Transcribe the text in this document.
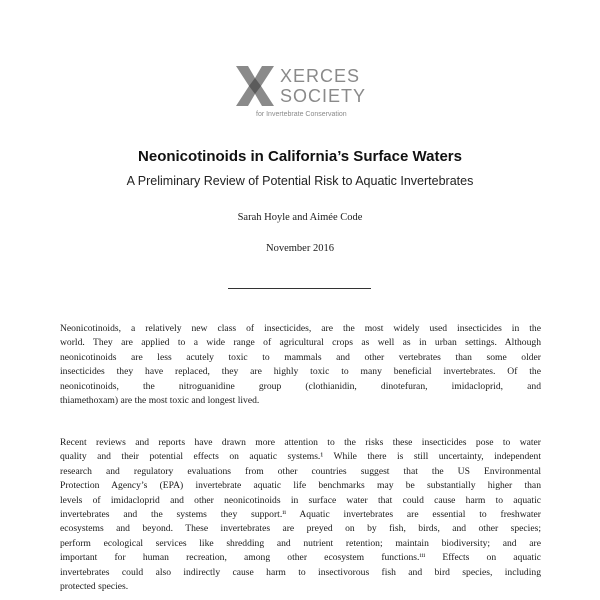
XERCES
SOCIETY
for Invertebrate Conservation
Neonicotinoids in California’s Surface Waters
A Preliminary Review of Potential Risk to Aquatic Invertebrates
Sarah Hoyle and Aimée Code
November 2016
Neonicotinoids, a relatively new class of insecticides, are the most widely used insecticides in the
world. They are applied to a wide range of agricultural crops as well as in urban settings. Although
neonicotinoids are less acutely toxic to mammals and other vertebrates than some older
insecticides they have replaced, they are highly toxic to many beneficial invertebrates. Of the
neonicotinoids, the nitroguanidine group (clothianidin, dinotefuran, imidacloprid, and
thiamethoxam) are the most toxic and longest lived.
Recent reviews and reports have drawn more attention to the risks these insecticides pose to water
quality and their potential effects on aquatic systems.¹ While there is still uncertainty, independent
research and regulatory evaluations from other countries suggest that the US Environmental
Protection Agency’s (EPA) invertebrate aquatic life benchmarks may be substantially higher than
levels of imidacloprid and other neonicotinoids in surface water that could cause harm to aquatic
invertebrates and the systems they support.ⁱⁱ Aquatic invertebrates are essential to freshwater
ecosystems and beyond. These invertebrates are preyed on by fish, birds, and other species;
perform ecological services like shredding and nutrient retention; maintain biodiversity; and are
important for human recreation, among other ecosystem functions.ⁱⁱⁱ Effects on aquatic
invertebrates could also indirectly cause harm to insectivorous fish and bird species, including
protected species.
